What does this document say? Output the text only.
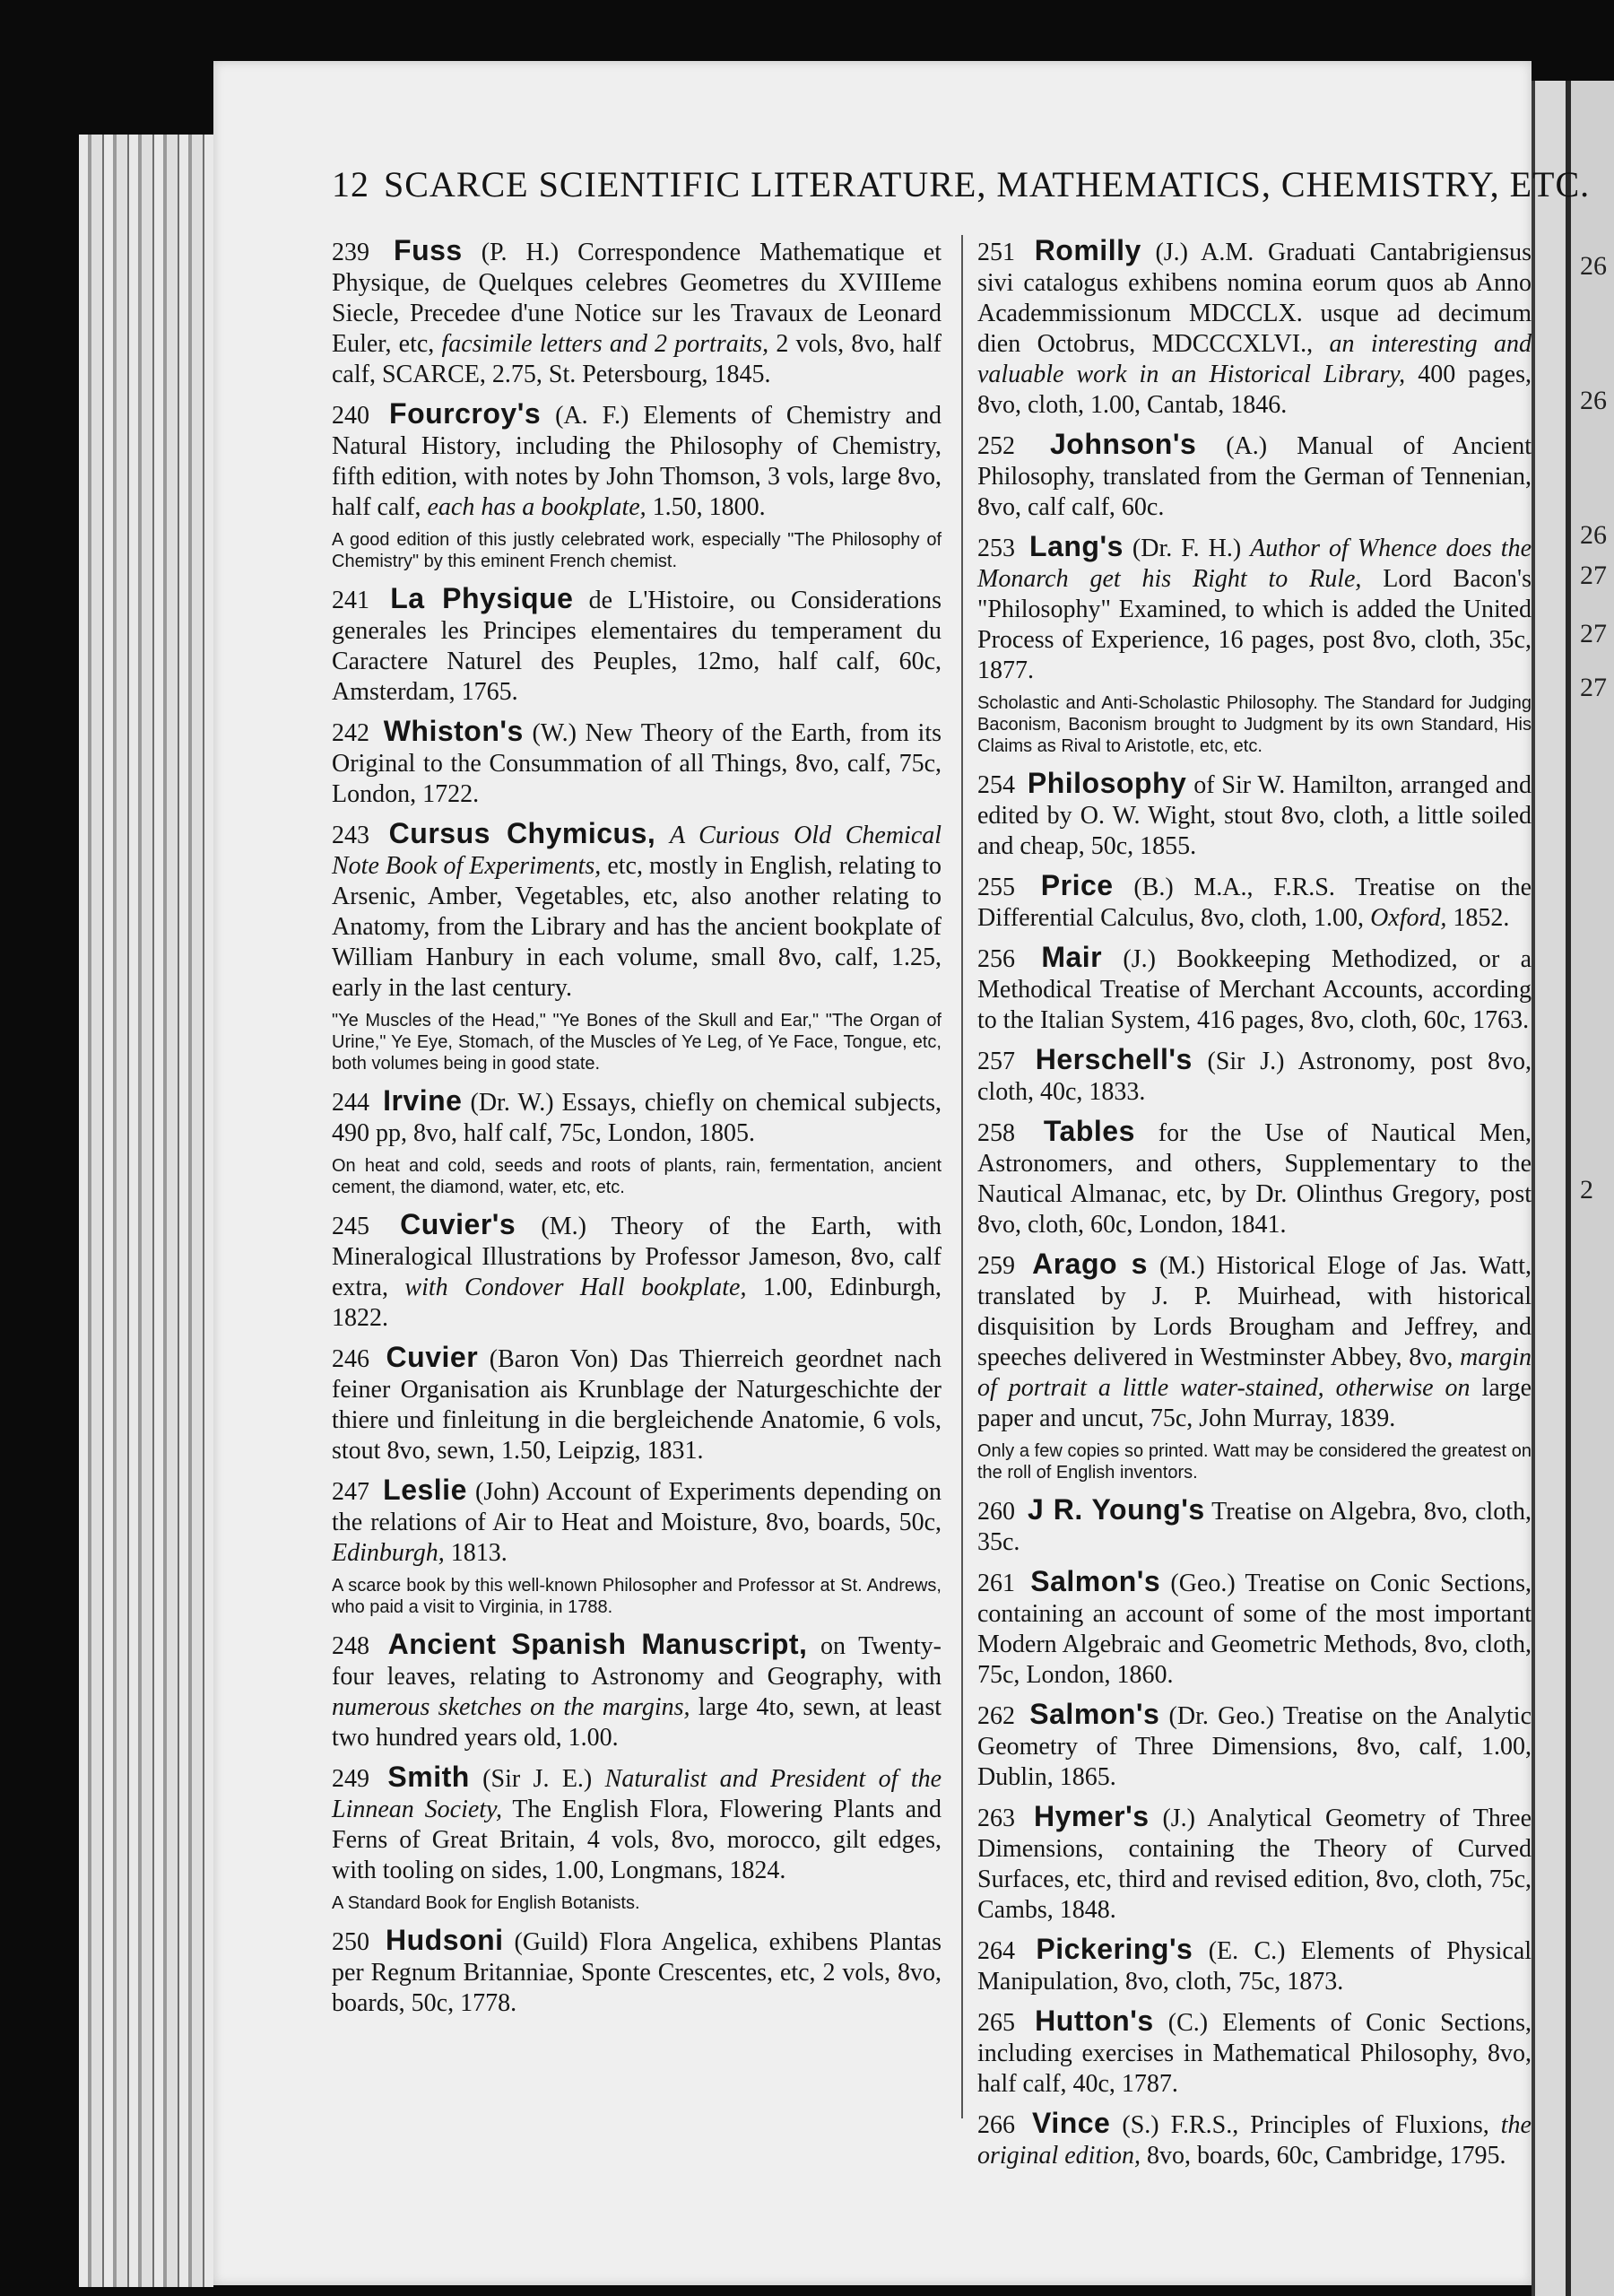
26
26
26
27
27
27
2
12 SCARCE SCIENTIFIC LITERATURE, MATHEMATICS, CHEMISTRY, ETC.
239 Fuss (P. H.) Correspondence Mathematique et Physique, de Quelques celebres Geometres du XVIIIeme Siecle, Precedee d'une Notice sur les Travaux de Leonard Euler, etc, facsimile letters and 2 portraits, 2 vols, 8vo, half calf, SCARCE, 2.75, St. Petersbourg, 1845.
240 Fourcroy's (A. F.) Elements of Chemistry and Natural History, including the Philosophy of Chemistry, fifth edition, with notes by John Thomson, 3 vols, large 8vo, half calf, each has a bookplate, 1.50, 1800.
A good edition of this justly celebrated work, especially "The Philosophy of Chemistry" by this eminent French chemist.
241 La Physique de L'Histoire, ou Considerations generales les Principes elementaires du temperament du Caractere Naturel des Peuples, 12mo, half calf, 60c, Amsterdam, 1765.
242 Whiston's (W.) New Theory of the Earth, from its Original to the Consummation of all Things, 8vo, calf, 75c, London, 1722.
243 Cursus Chymicus, A Curious Old Chemical Note Book of Experiments, etc, mostly in English, relating to Arsenic, Amber, Vegetables, etc, also another relating to Anatomy, from the Library and has the ancient bookplate of William Hanbury in each volume, small 8vo, calf, 1.25, early in the last century.
"Ye Muscles of the Head," "Ye Bones of the Skull and Ear," "The Organ of Urine," Ye Eye, Stomach, of the Muscles of Ye Leg, of Ye Face, Tongue, etc, both volumes being in good state.
244 Irvine (Dr. W.) Essays, chiefly on chemical subjects, 490 pp, 8vo, half calf, 75c, London, 1805.
On heat and cold, seeds and roots of plants, rain, fermentation, ancient cement, the diamond, water, etc, etc.
245 Cuvier's (M.) Theory of the Earth, with Mineralogical Illustrations by Professor Jameson, 8vo, calf extra, with Condover Hall bookplate, 1.00, Edinburgh, 1822.
246 Cuvier (Baron Von) Das Thierreich geordnet nach feiner Organisation ais Krunblage der Naturgeschichte der thiere und finleitung in die bergleichende Anatomie, 6 vols, stout 8vo, sewn, 1.50, Leipzig, 1831.
247 Leslie (John) Account of Experiments depending on the relations of Air to Heat and Moisture, 8vo, boards, 50c, Edinburgh, 1813.
A scarce book by this well-known Philosopher and Professor at St. Andrews, who paid a visit to Virginia, in 1788.
248 Ancient Spanish Manuscript, on Twenty-four leaves, relating to Astronomy and Geography, with numerous sketches on the margins, large 4to, sewn, at least two hundred years old, 1.00.
249 Smith (Sir J. E.) Naturalist and President of the Linnean Society, The English Flora, Flowering Plants and Ferns of Great Britain, 4 vols, 8vo, morocco, gilt edges, with tooling on sides, 1.00, Longmans, 1824.
A Standard Book for English Botanists.
250 Hudsoni (Guild) Flora Angelica, exhibens Plantas per Regnum Britanniae, Sponte Crescentes, etc, 2 vols, 8vo, boards, 50c, 1778.
251 Romilly (J.) A.M. Graduati Cantabrigiensus sivi catalogus exhibens nomina eorum quos ab Anno Academmissionum MDCCLX. usque ad decimum dien Octobrus, MDCCCXLVI., an interesting and valuable work in an Historical Library, 400 pages, 8vo, cloth, 1.00, Cantab, 1846.
252 Johnson's (A.) Manual of Ancient Philosophy, translated from the German of Tennenian, 8vo, calf calf, 60c.
253 Lang's (Dr. F. H.) Author of Whence does the Monarch get his Right to Rule, Lord Bacon's "Philosophy" Examined, to which is added the United Process of Experience, 16 pages, post 8vo, cloth, 35c, 1877.
Scholastic and Anti-Scholastic Philosophy. The Standard for Judging Baconism, Baconism brought to Judgment by its own Standard, His Claims as Rival to Aristotle, etc, etc.
254 Philosophy of Sir W. Hamilton, arranged and edited by O. W. Wight, stout 8vo, cloth, a little soiled and cheap, 50c, 1855.
255 Price (B.) M.A., F.R.S. Treatise on the Differential Calculus, 8vo, cloth, 1.00, Oxford, 1852.
256 Mair (J.) Bookkeeping Methodized, or a Methodical Treatise of Merchant Accounts, according to the Italian System, 416 pages, 8vo, cloth, 60c, 1763.
257 Herschell's (Sir J.) Astronomy, post 8vo, cloth, 40c, 1833.
258 Tables for the Use of Nautical Men, Astronomers, and others, Supplementary to the Nautical Almanac, etc, by Dr. Olinthus Gregory, post 8vo, cloth, 60c, London, 1841.
259 Arago s (M.) Historical Eloge of Jas. Watt, translated by J. P. Muirhead, with historical disquisition by Lords Brougham and Jeffrey, and speeches delivered in Westminster Abbey, 8vo, margin of portrait a little water-stained, otherwise on large paper and uncut, 75c, John Murray, 1839.
Only a few copies so printed. Watt may be considered the greatest on the roll of English inventors.
260 J R. Young's Treatise on Algebra, 8vo, cloth, 35c.
261 Salmon's (Geo.) Treatise on Conic Sections, containing an account of some of the most important Modern Algebraic and Geometric Methods, 8vo, cloth, 75c, London, 1860.
262 Salmon's (Dr. Geo.) Treatise on the Analytic Geometry of Three Dimensions, 8vo, calf, 1.00, Dublin, 1865.
263 Hymer's (J.) Analytical Geometry of Three Dimensions, containing the Theory of Curved Surfaces, etc, third and revised edition, 8vo, cloth, 75c, Cambs, 1848.
264 Pickering's (E. C.) Elements of Physical Manipulation, 8vo, cloth, 75c, 1873.
265 Hutton's (C.) Elements of Conic Sections, including exercises in Mathematical Philosophy, 8vo, half calf, 40c, 1787.
266 Vince (S.) F.R.S., Principles of Fluxions, the original edition, 8vo, boards, 60c, Cambridge, 1795.
